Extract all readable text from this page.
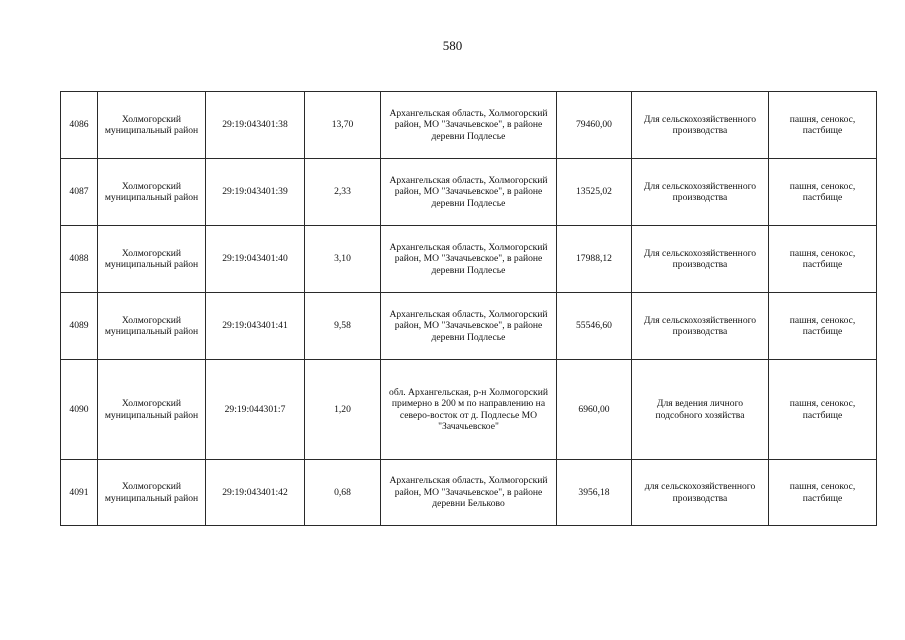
580
4086	Холмогорский муниципальный район	29:19:043401:38	13,70	Архангельская область, Холмогорский район, МО "Зачачьевское", в районе деревни Подлесье	79460,00	Для сельскохозяйственного производства	пашня, сенокос, пастбище
4087	Холмогорский муниципальный район	29:19:043401:39	2,33	Архангельская область, Холмогорский район, МО "Зачачьевское", в районе деревни Подлесье	13525,02	Для сельскохозяйственного производства	пашня, сенокос, пастбище
4088	Холмогорский муниципальный район	29:19:043401:40	3,10	Архангельская область, Холмогорский район, МО "Зачачьевское", в районе деревни Подлесье	17988,12	Для сельскохозяйственного производства	пашня, сенокос, пастбище
4089	Холмогорский муниципальный район	29:19:043401:41	9,58	Архангельская область, Холмогорский район, МО "Зачачьевское", в районе деревни Подлесье	55546,60	Для сельскохозяйственного производства	пашня, сенокос, пастбище
4090	Холмогорский муниципальный район	29:19:044301:7	1,20	обл. Архангельская, р-н Холмогорский примерно в 200 м по направлению на северо-восток от д. Подлесье МО "Зачачьевское"	6960,00	Для ведения личного подсобного хозяйства	пашня, сенокос, пастбище
4091	Холмогорский муниципальный район	29:19:043401:42	0,68	Архангельская область, Холмогорский район, МО "Зачачьевское", в районе деревни Бельково	3956,18	для сельскохозяйственного производства	пашня, сенокос, пастбище
